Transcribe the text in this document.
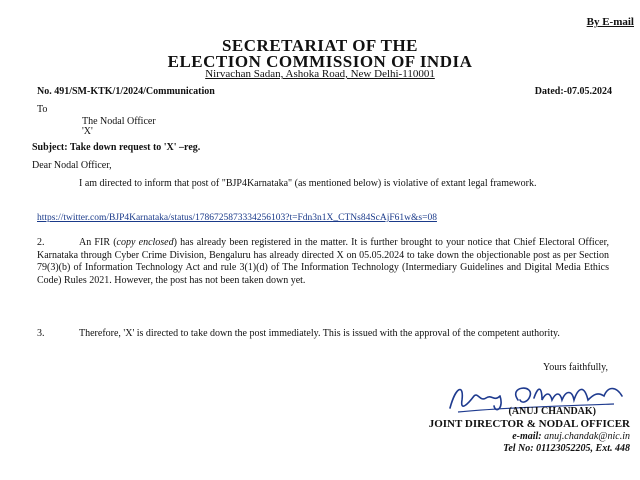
By E-mail
SECRETARIAT OF THE
ELECTION COMMISSION OF INDIA
Nirvachan Sadan, Ashoka Road, New Delhi-110001
No. 491/SM-KTK/1/2024/Communication	Dated:-07.05.2024
To
The Nodal Officer
'X'
Subject: Take down request to 'X' –reg.
Dear Nodal Officer,
I am directed to inform that post of "BJP4Karnataka" (as mentioned below) is violative of extant legal framework.
https://twitter.com/BJP4Karnataka/status/1786725873334256103?t=Fdn3n1X_CTNs84ScAjF61w&s=08
2.	An FIR (copy enclosed) has already been registered in the matter. It is further brought to your notice that Chief Electoral Officer, Karnataka through Cyber Crime Division, Bengaluru has already directed X on 05.05.2024 to take down the objectionable post as per Section 79(3)(b) of Information Technology Act and rule 3(1)(d) of The Information Technology (Intermediary Guidelines and Digital Media Ethics Code) Rules 2021. However, the post has not been taken down yet.
3.	Therefore, 'X' is directed to take down the post immediately. This is issued with the approval of the competent authority.
Yours faithfully,
(ANUJ CHANDAK)
JOINT DIRECTOR & NODAL OFFICER
e-mail: anuj.chandak@nic.in
Tel No: 01123052205, Ext. 448
